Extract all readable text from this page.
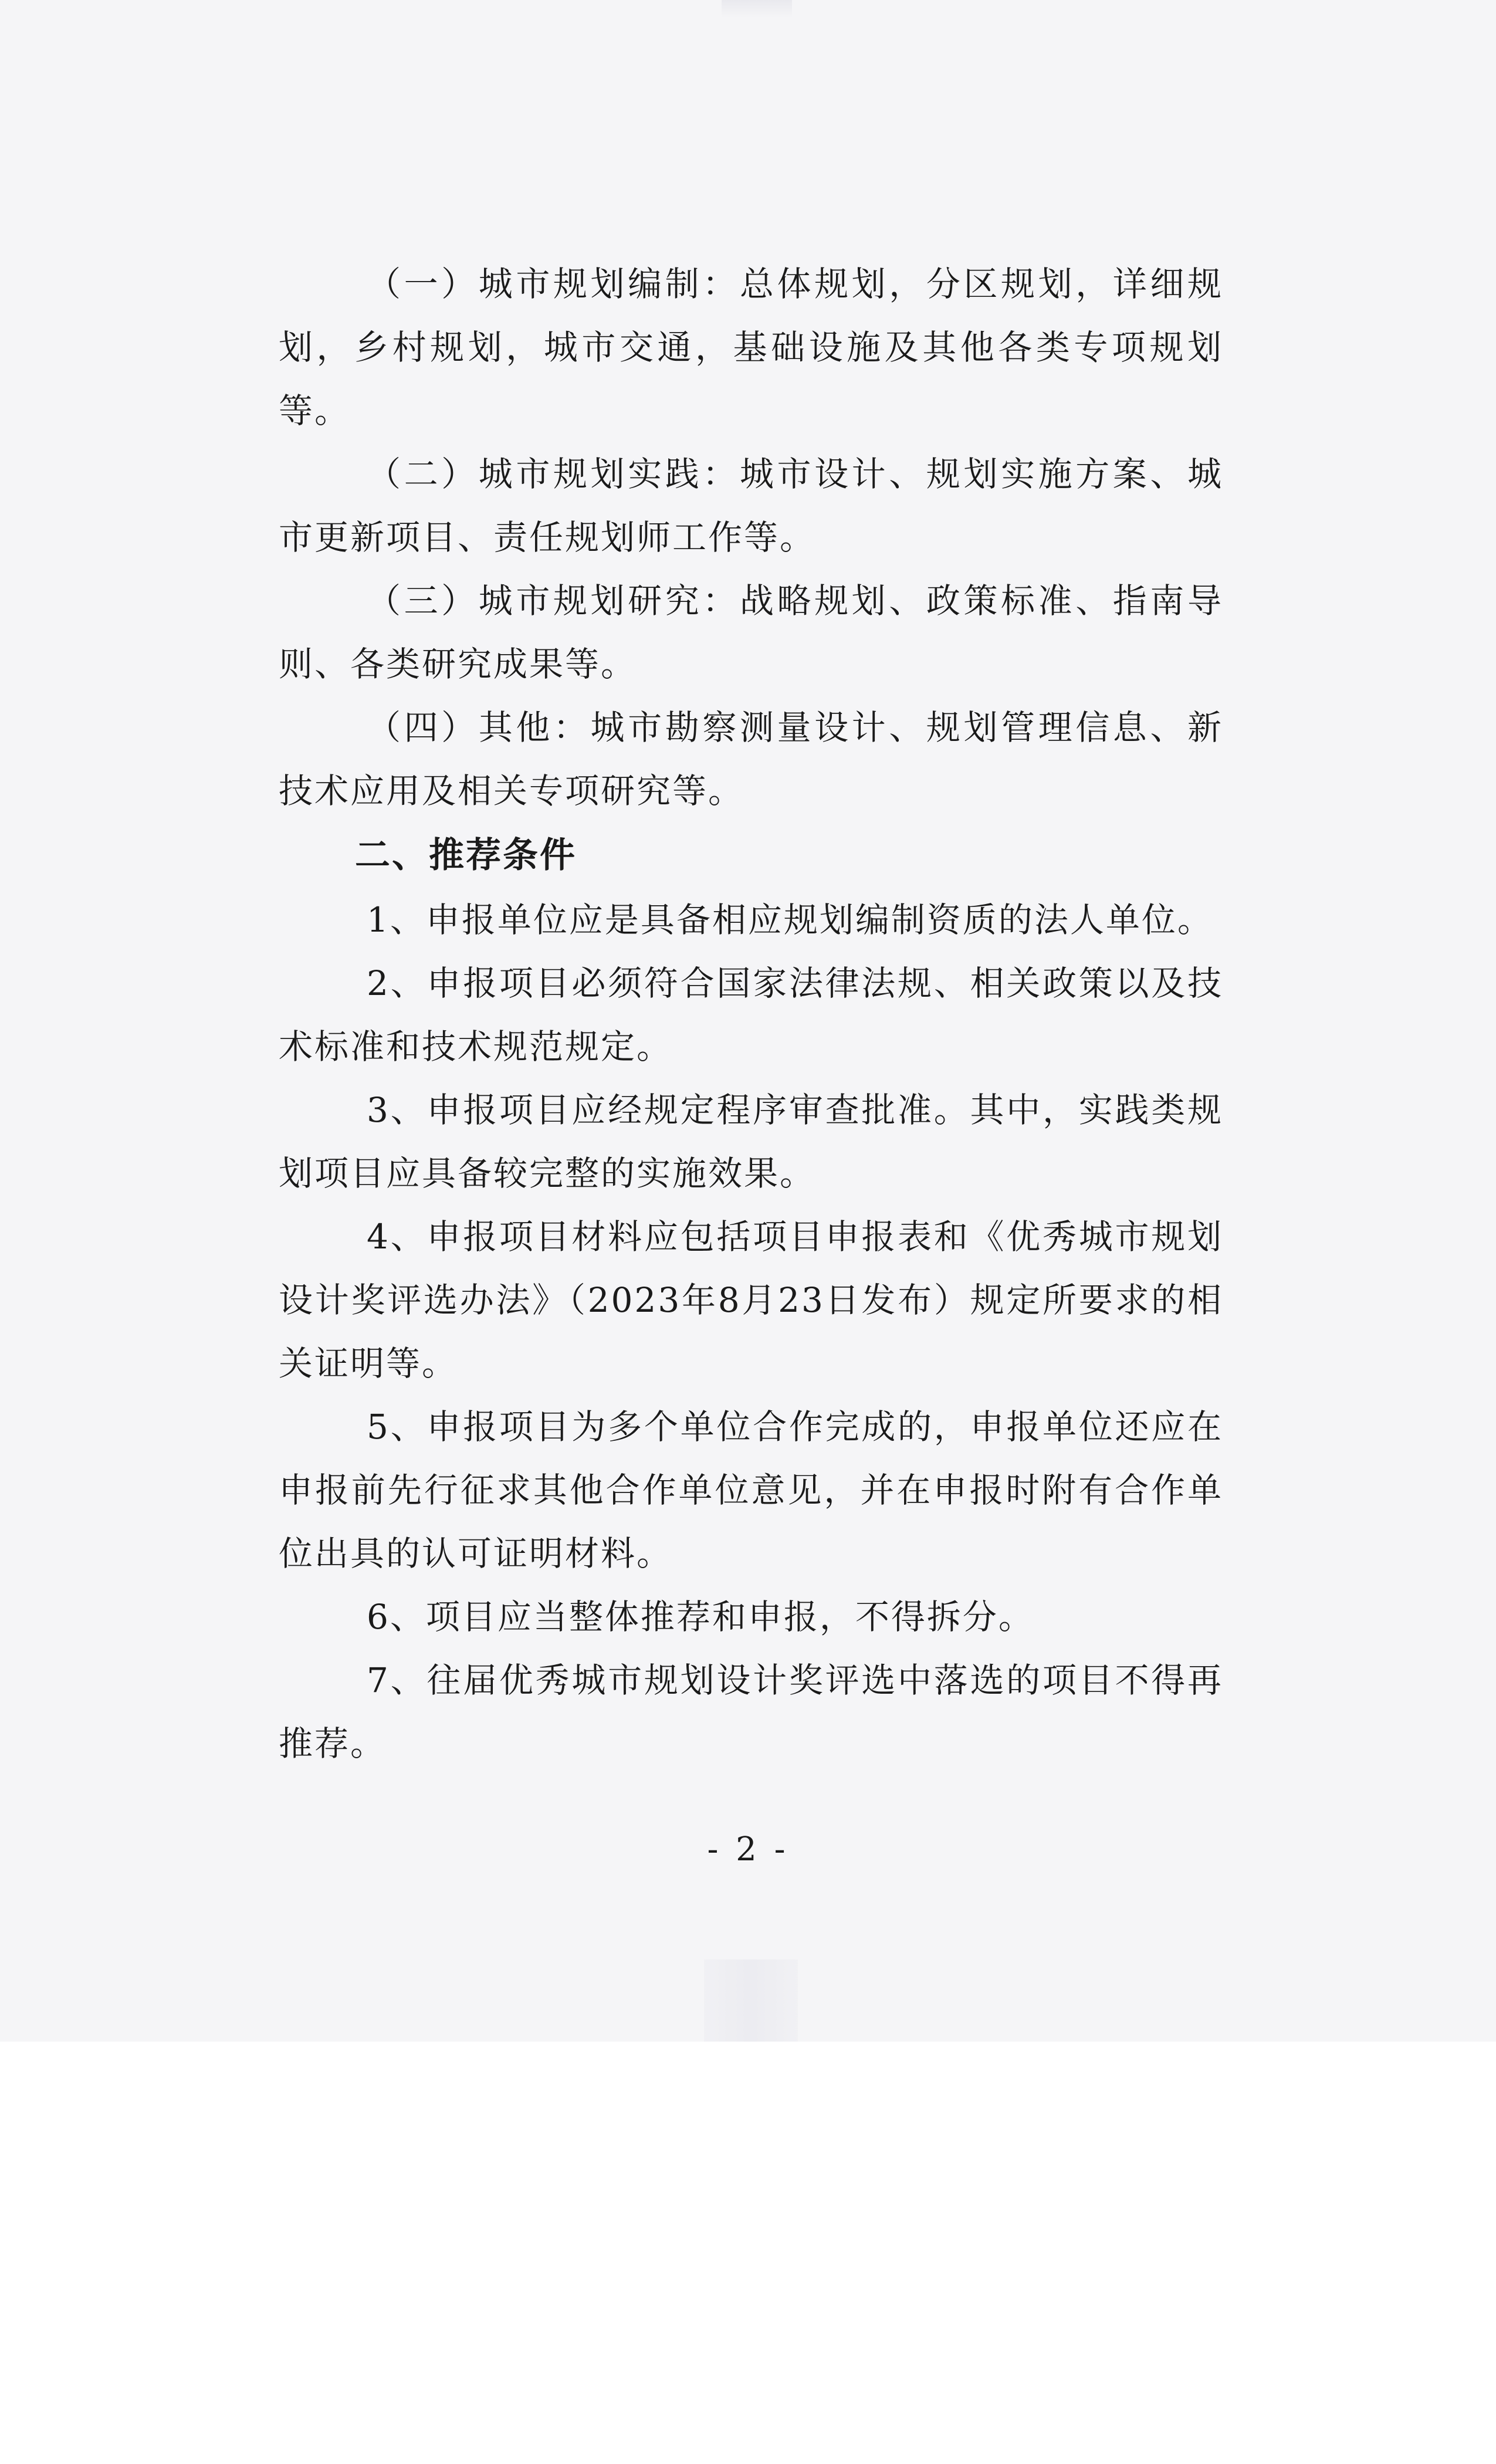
（一）城市规划编制：总体规划，分区规划，详细规划，乡村规划，城市交通，基础设施及其他各类专项规划等。

（二）城市规划实践：城市设计、规划实施方案、城市更新项目、责任规划师工作等。

（三）城市规划研究：战略规划、政策标准、指南导则、各类研究成果等。

（四）其他：城市勘察测量设计、规划管理信息、新技术应用及相关专项研究等。

二、推荐条件

1、申报单位应是具备相应规划编制资质的法人单位。

2、申报项目必须符合国家法律法规、相关政策以及技术标准和技术规范规定。

3、申报项目应经规定程序审查批准。其中，实践类规划项目应具备较完整的实施效果。

4、申报项目材料应包括项目申报表和《优秀城市规划设计奖评选办法》（2023年8月23日发布）规定所要求的相关证明等。

5、申报项目为多个单位合作完成的，申报单位还应在申报前先行征求其他合作单位意见，并在申报时附有合作单位出具的认可证明材料。

6、项目应当整体推荐和申报，不得拆分。

7、往届优秀城市规划设计奖评选中落选的项目不得再推荐。

- 2 -
